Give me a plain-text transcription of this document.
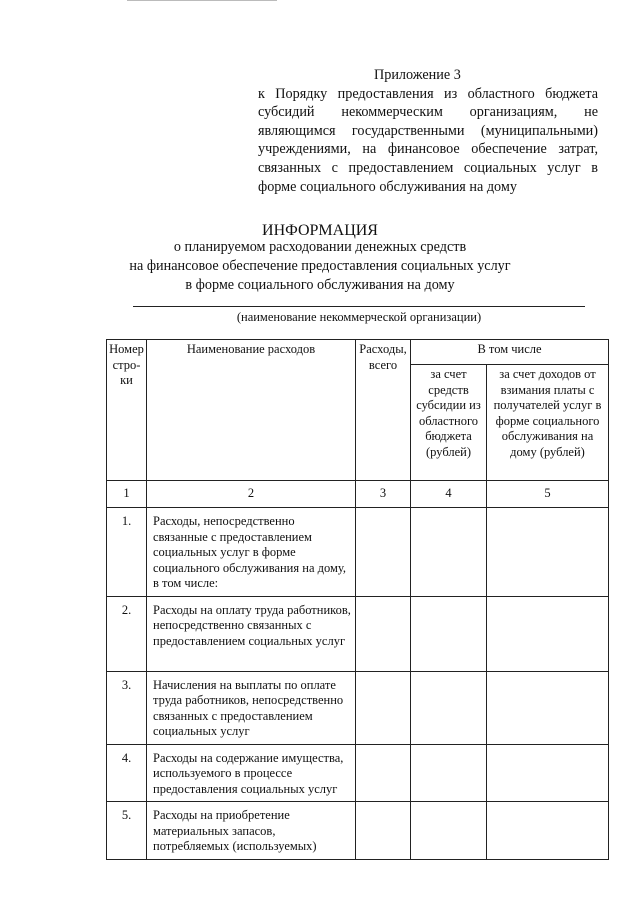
Приложение 3
к Порядку предоставления из областного бюджета субсидий некоммерческим организациям, не являющимся государственными (муниципальными) учреждениями, на финансовое обеспечение затрат, связанных с предоставлением социальных услуг в форме социального обслуживания на дому
ИНФОРМАЦИЯ
о планируемом расходовании денежных средств
на финансовое обеспечение предоставления социальных услуг
в форме социального обслуживания на дому
(наименование некоммерческой организации)
Номер стро-ки	Наименование расходов	Расходы, всего	В том числе	
			за счет средств субсидии из областного бюджета (рублей)	за счет доходов от взимания платы с получателей услуг в форме социального обслуживания на дому (рублей)
1	2	3	4	5
1.	Расходы, непосредственно связанные с предоставлением социальных услуг в форме социального обслуживания на дому, в том числе:			
2.	Расходы на оплату труда работников, непосредственно связанных с предоставлением социальных услуг			
3.	Начисления на выплаты по оплате труда работников, непосредственно связанных с предоставлением социальных услуг			
4.	Расходы на содержание имущества, используемого в процессе предоставления социальных услуг			
5.	Расходы на приобретение материальных запасов, потребляемых (используемых)			
